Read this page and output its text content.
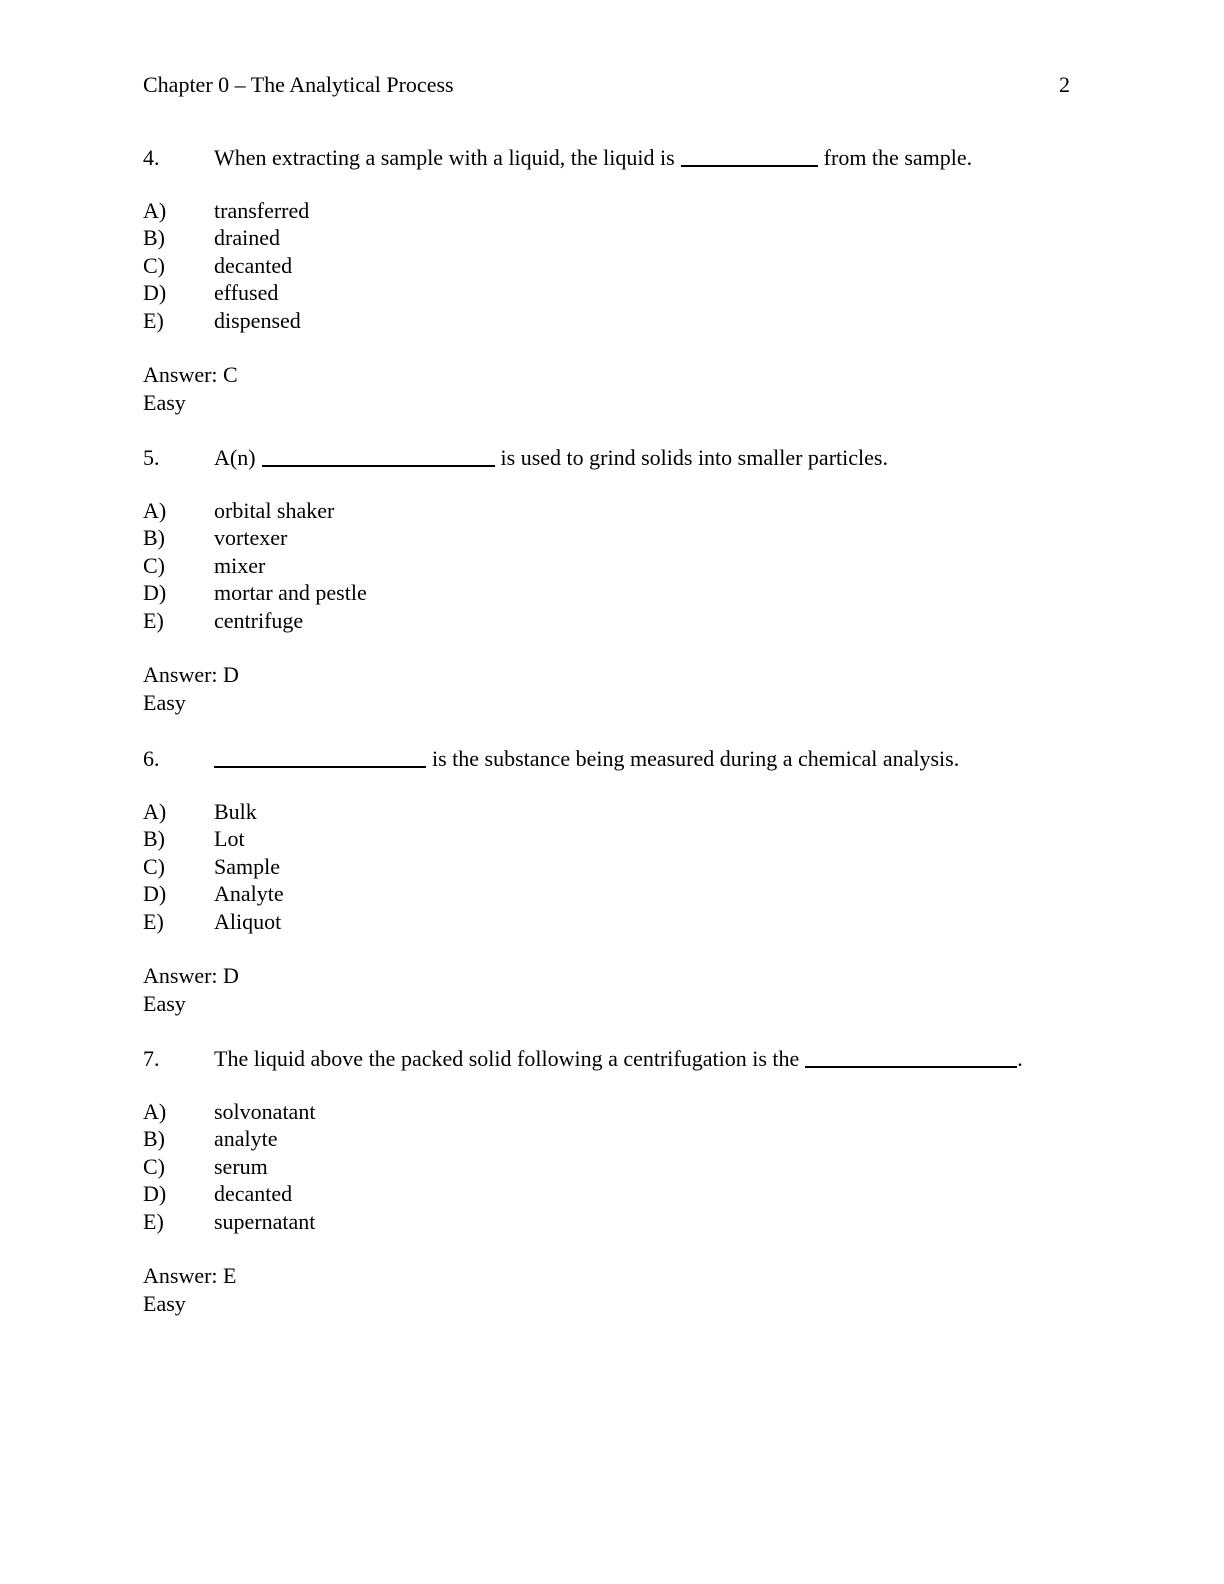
Chapter 0 – The Analytical Process	2
4.	When extracting a sample with a liquid, the liquid is	from the sample.
A)	transferred
B)	drained
C)	decanted
D)	effused
E)	dispensed
Answer: C
Easy
5.	A(n)	is used to grind solids into smaller particles.
A)	orbital shaker
B)	vortexer
C)	mixer
D)	mortar and pestle
E)	centrifuge
Answer: D
Easy
6.	is the substance being measured during a chemical analysis.
A)	Bulk
B)	Lot
C)	Sample
D)	Analyte
E)	Aliquot
Answer: D
Easy
7.	The liquid above the packed solid following a centrifugation is the	.
A)	solvonatant
B)	analyte
C)	serum
D)	decanted
E)	supernatant
Answer: E
Easy
